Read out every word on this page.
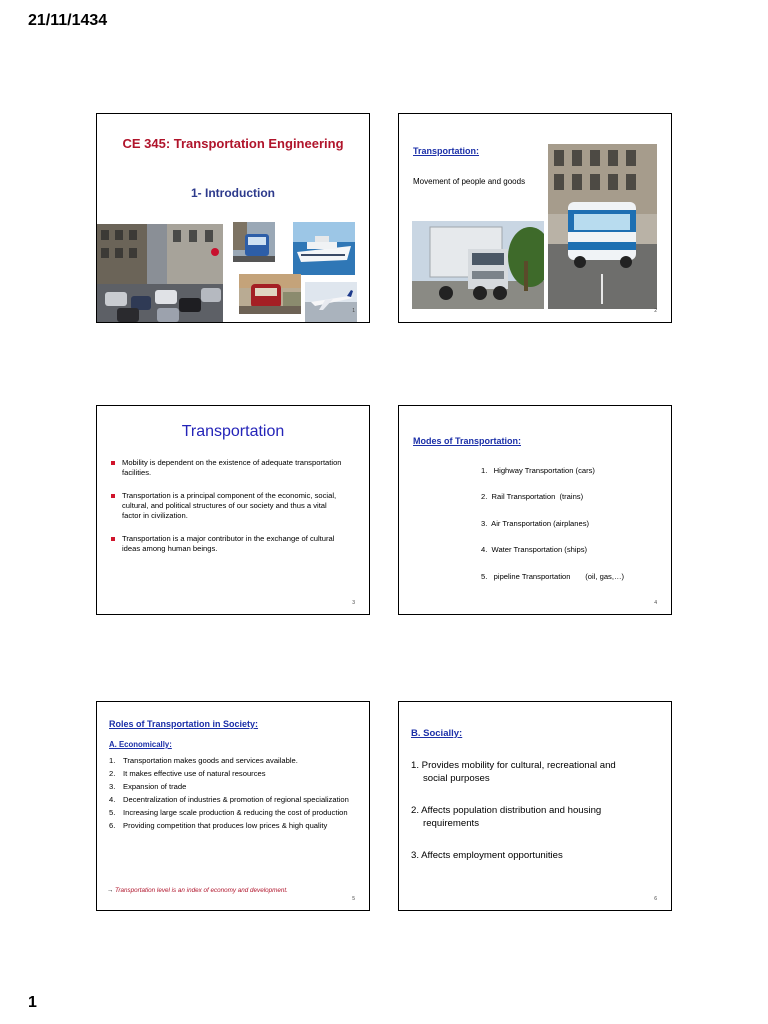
21/11/1434
CE 345: Transportation Engineering
1- Introduction
1
Transportation:
Movement of people and goods
2
Transportation
Mobility is dependent on the existence of adequate transportation facilities.
Transportation is a principal component of the economic, social, cultural, and political structures of our society and thus a vital factor in civilization.
Transportation is a major contributor in the exchange of cultural ideas among human beings.
3
Modes of Transportation:
1.   Highway Transportation (cars)
2.  Rail Transportation  (trains)
3.  Air Transportation (airplanes)
4.  Water Transportation (ships)
5.   pipeline Transportation       (oil, gas,…)
4
Roles of Transportation in Society:
A. Economically:
1. Transportation makes goods and services available.
2. It makes effective use of natural resources
3. Expansion of trade
4. Decentralization of industries & promotion of regional specialization
5. Increasing large scale production & reducing the cost of production
6. Providing competition that produces low prices & high quality
→ Transportation level is an index of economy and development.
5
B. Socially:
1. Provides mobility for cultural, recreational and
social purposes
2. Affects population distribution and housing
requirements
3. Affects employment opportunities
6
1
